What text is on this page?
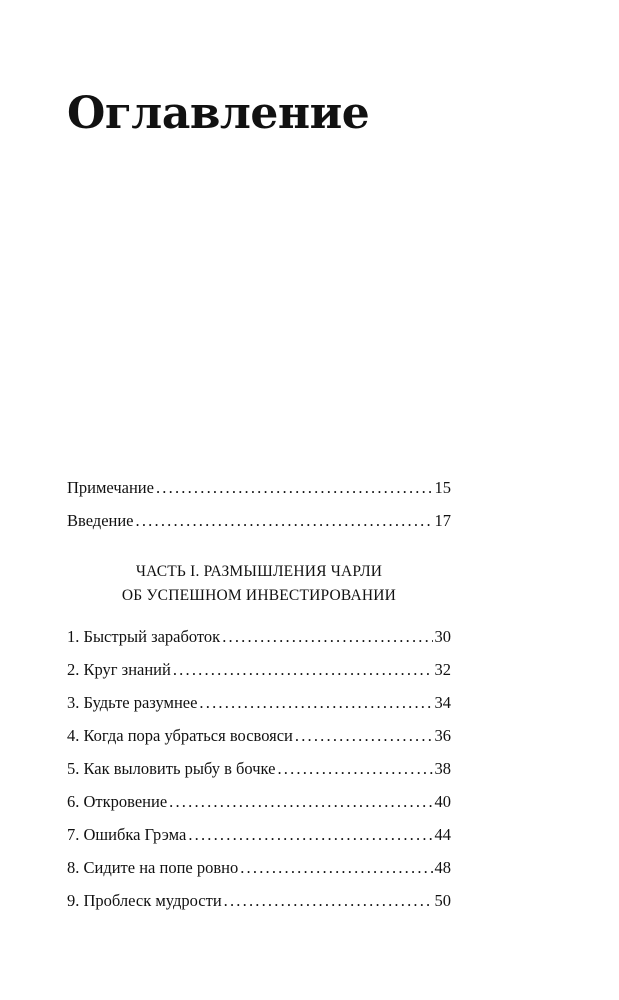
Оглавление
Примечание .....	15
Введение .....	17
ЧАСТЬ I. РАЗМЫШЛЕНИЯ ЧАРЛИ
ОБ УСПЕШНОМ ИНВЕСТИРОВАНИИ
1. Быстрый заработок .....	30
2. Круг знаний .....	32
3. Будьте разумнее .....	34
4. Когда пора убраться восвояси .....	36
5. Как выловить рыбу в бочке .....	38
6. Откровение .....	40
7. Ошибка Грэма .....	44
8. Сидите на попе ровно .....	48
9. Проблеск мудрости .....	50
